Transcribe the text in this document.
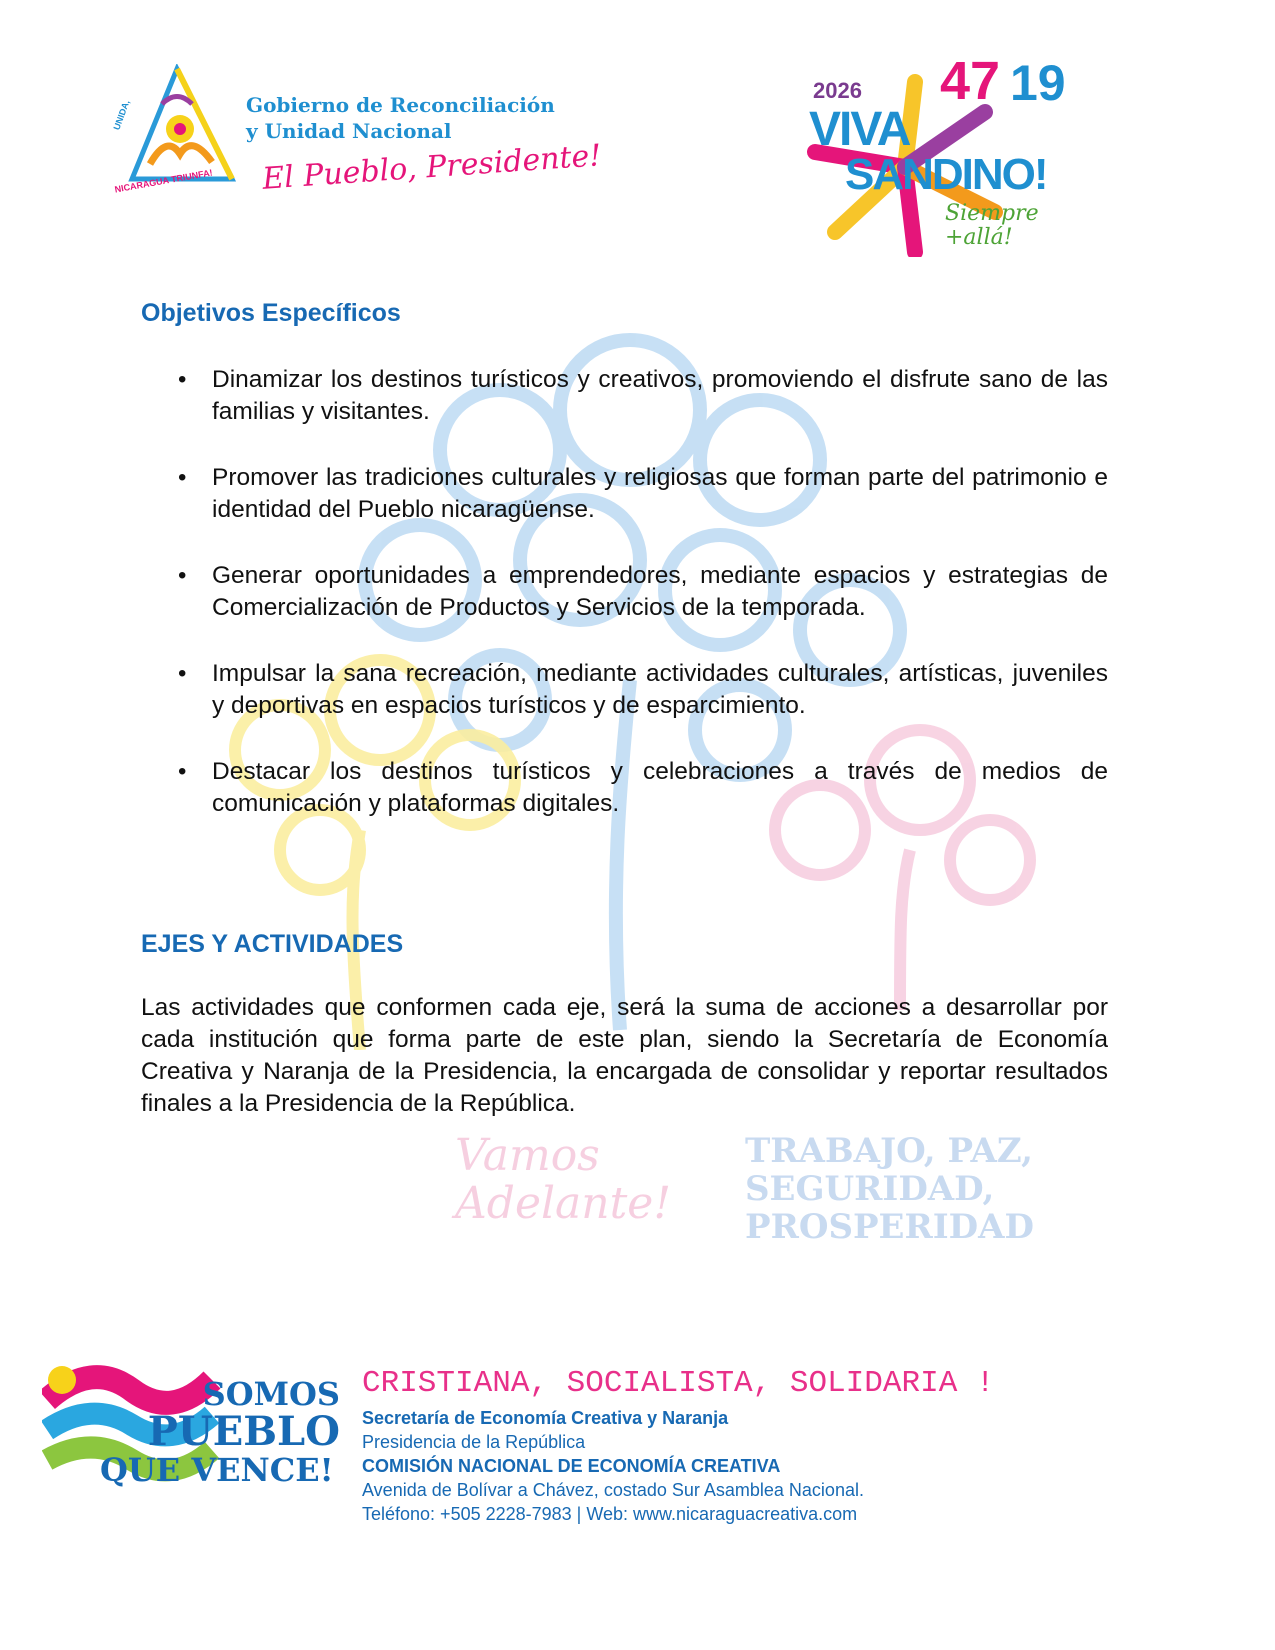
Vamos Adelante!
TRABAJO, PAZ,
SEGURIDAD,
PROSPERIDAD
UNIDA,
NICARAGUA TRIUNFA!
Gobierno de Reconciliación
y Unidad Nacional
El Pueblo, Presidente!
2026 47 19
VIVA
SANDINO!
Siempre +allá!
Objetivos Específicos
• Dinamizar los destinos turísticos y creativos, promoviendo el disfrute sano de las familias y visitantes.
• Promover las tradiciones culturales y religiosas que forman parte del patrimonio e identidad del Pueblo nicaragüense.
• Generar oportunidades a emprendedores, mediante espacios y estrategias de Comercialización de Productos y Servicios de la temporada.
• Impulsar la sana recreación, mediante actividades culturales, artísticas, juveniles y deportivas en espacios turísticos y de esparcimiento.
• Destacar los destinos turísticos y celebraciones a través de medios de comunicación y plataformas digitales.
EJES Y ACTIVIDADES
Las actividades que conformen cada eje, será la suma de acciones a desarrollar por cada institución que forma parte de este plan, siendo la Secretaría de Economía Creativa y Naranja de la Presidencia, la encargada de consolidar y reportar resultados finales a la Presidencia de la República.
SOMOS
PUEBLO
QUE VENCE!
CRISTIANA, SOCIALISTA, SOLIDARIA !
Secretaría de Economía Creativa y Naranja
Presidencia de la República
COMISIÓN NACIONAL DE ECONOMÍA CREATIVA
Avenida de Bolívar a Chávez, costado Sur Asamblea Nacional.
Teléfono: +505 2228-7983 | Web: www.nicaraguacreativa.com
